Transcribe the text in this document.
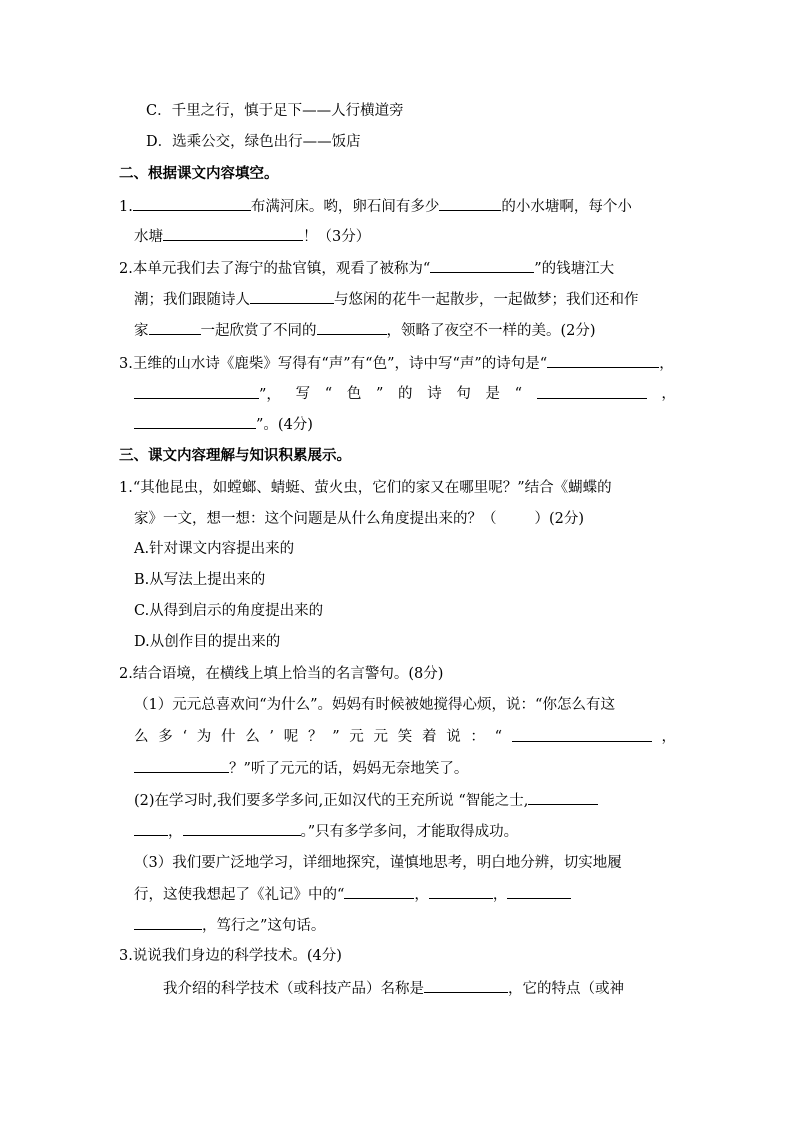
C．千里之行，慎于足下——人行横道旁
D．选乘公交，绿色出行——饭店
二、根据课文内容填空。
1.	布满河床。哟，卵石间有多少	的小水塘啊，每个小
水塘	！（3分）
2.本单元我们去了海宁的盐官镇，观看了被称为“	”的钱塘江大
潮；我们跟随诗人	与悠闲的花牛一起散步，一起做梦；我们还和作
家	一起欣赏了不同的	，领略了夜空不一样的美。(2分)
3.王维的山水诗《鹿柴》写得有“声”有“色”，诗中写“声”的诗句是“	，
”， 写 “ 色 ” 的 诗 句 是 “	，
”。(4分)
三、课文内容理解与知识积累展示。
1.“其他昆虫，如螳螂、蜻蜓、萤火虫，它们的家又在哪里呢？”结合《蝴蝶的
家》一文，想一想：这个问题是从什么角度提出来的？（	）(2分)
A.针对课文内容提出来的
B.从写法上提出来的
C.从得到启示的角度提出来的
D.从创作目的提出来的
2.结合语境，在横线上填上恰当的名言警句。(8分)
（1）元元总喜欢问“为什么”。妈妈有时候被她搅得心烦，说：“你怎么有这
么 多 ‘ 为 什 么 ’ 呢 ？ ” 元 元 笑 着 说 ： “	，
？”听了元元的话，妈妈无奈地笑了。
(2)在学习时,我们要多学多问,正如汉代的王充所说 “智能之士,
，	。”只有多学多问，才能取得成功。
（3）我们要广泛地学习，详细地探究，谨慎地思考，明白地分辨，切实地履
行，这使我想起了《礼记》中的“	，	，
，笃行之”这句话。
3.说说我们身边的科学技术。(4分)
我介绍的科学技术（或科技产品）名称是	，它的特点（或神
